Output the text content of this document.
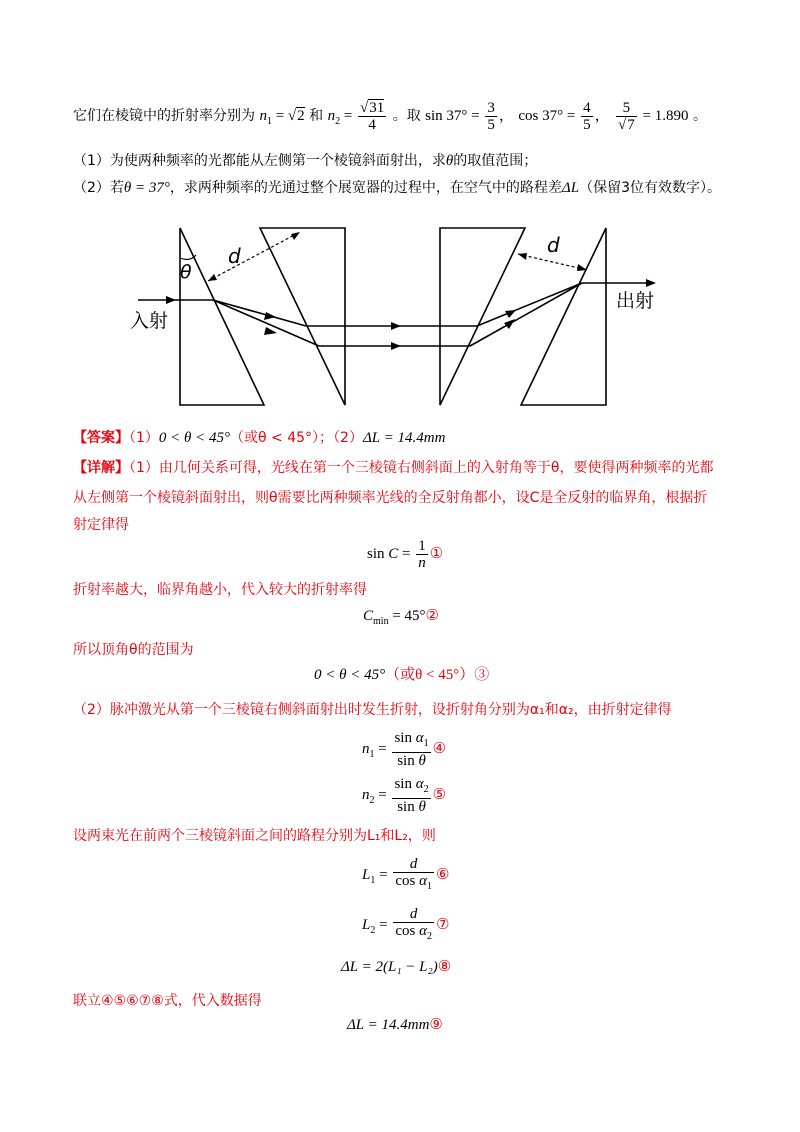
它们在棱镜中的折射率分别为 $n_1 = √2$ 和 $n_2 = \frac{√31}{4}$ 。取 $\sin 37^\circ = \frac{3}{5}$ ， $\cos 37^\circ = \frac{4}{5}$ ， $\frac{5}{√7} = 1.890$ 。
（1）为使两种频率的光都能从左侧第一个棱镜斜面射出，求θ的取值范围；
（2）若θ = 37°，求两种频率的光通过整个展宽器的过程中，在空气中的路程差ΔL（保留3位有效数字）。
入射
出射
d	d
θ
【答案】（1）0 < θ < 45°（或θ < 45°）；（2）ΔL = 14.4mm
【详解】（1）由几何关系可得，光线在第一个三棱镜右侧斜面上的入射角等于θ，要使得两种频率的光都
从左侧第一个棱镜斜面射出，则θ需要比两种频率光线的全反射角都小，设C是全反射的临界角，根据折
射定律得
$\sin C = \frac{1}{n}$ ①
折射率越大，临界角越小，代入较大的折射率得
$C_{min}$ = 45°②
所以顶角θ的范围为
0 < θ < 45°（或θ < 45°）③
（2）脉冲激光从第一个三棱镜右侧斜面射出时发生折射，设折射角分别为α₁和α₂，由折射定律得
$n_1 = \frac{\sin \alpha_1}{\text{sin θ}}$ ④
$n_2 = \frac{\sin \alpha_2}{\text{sin θ}}$ ⑤
设两束光在前两个三棱镜斜面之间的路程分别为L₁和L₂，则
$L_1 = \frac{d}{\cos \alpha_1}$ ⑥
$L_2 = \frac{d}{\cos \alpha_2}$ ⑦
ΔL = 2(L₁ − L₂)⑧
联立④⑤⑥⑦⑧式，代入数据得
ΔL = 14.4mm⑨
